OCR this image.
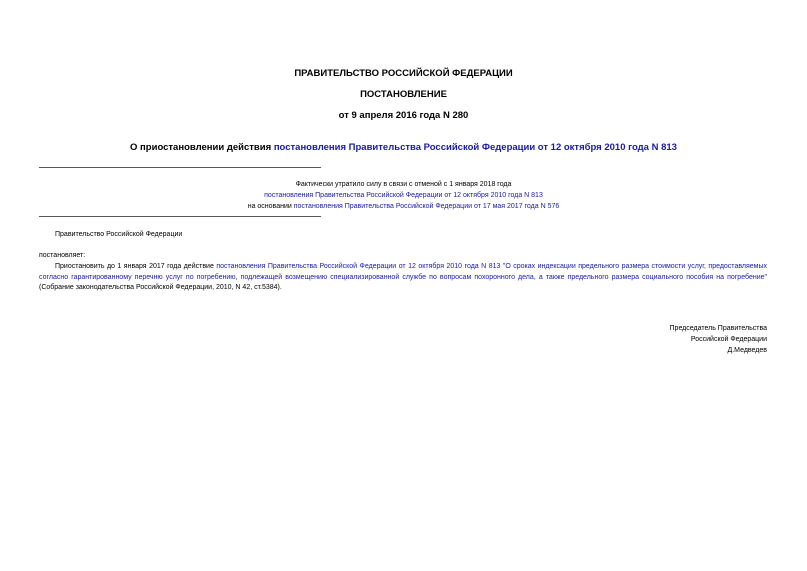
ПРАВИТЕЛЬСТВО РОССИЙСКОЙ ФЕДЕРАЦИИ
ПОСТАНОВЛЕНИЕ
от 9 апреля 2016 года N 280
О приостановлении действия постановления Правительства Российской Федерации от 12 октября 2010 года N 813
Фактически утратило силу в связи с отменой с 1 января 2018 года
постановления Правительства Российской Федерации от 12 октября 2010 года N 813
на основании постановления Правительства Российской Федерации от 17 мая 2017 года N 576
Правительство Российской Федерации
постановляет:
Приостановить до 1 января 2017 года действие постановления Правительства Российской Федерации от 12 октября 2010 года N 813 "О сроках индексации предельного размера стоимости услуг, предоставляемых согласно гарантированному перечню услуг по погребению, подлежащей возмещению специализированной службе по вопросам похоронного дела, а также предельного размера социального пособия на погребение" (Собрание законодательства Российской Федерации, 2010, N 42, ст.5384).
Председатель Правительства
Российской Федерации
Д.Медведев
